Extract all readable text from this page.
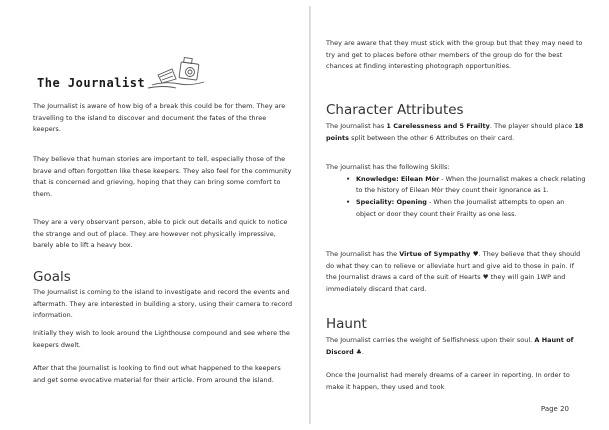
The Journalist

The Journalist is aware of how big of a break this could be for them. They are travelling to the island to discover and document the fates of the three keepers.

They believe that human stories are important to tell, especially those of the brave and often forgotten like these keepers. They also feel for the community that is concerned and grieving, hoping that they can bring some comfort to them.

They are a very observant person, able to pick out details and quick to notice the strange and out of place. They are however not physically impressive, barely able to lift a heavy box.

Goals

The Journalist is coming to the island to investigate and record the events and aftermath. They are interested in building a story, using their camera to record information.

Initially they wish to look around the Lighthouse compound and see where the keepers dwelt.

After that the Journalist is looking to find out what happened to the keepers and get some evocative material for their article. From around the island.

They are aware that they must stick with the group but that they may need to try and get to places before other members of the group do for the best chances at finding interesting photograph opportunities.

Character Attributes

The Journalist has 1 Carelessness and 5 Frailty. The player should place 18 points split between the other 6 Attributes on their card.

The journalist has the following Skills:

• Knowledge: Eilean Mòr - When the Journalist makes a check relating to the history of Eilean Mòr they count their Ignorance as 1.
• Speciality: Opening - When the Journalist attempts to open an object or door they count their Frailty as one less.

The Journalist has the Virtue of Sympathy ♥. They believe that they should do what they can to relieve or alleviate hurt and give aid to those in pain. If the Journalist draws a card of the suit of Hearts ♥ they will gain 1WP and immediately discard that card.

Haunt

The Journalist carries the weight of Selfishness upon their soul. A Haunt of Discord ♣.

Once the Journalist had merely dreams of a career in reporting. In order to make it happen, they used and took

Page 20
